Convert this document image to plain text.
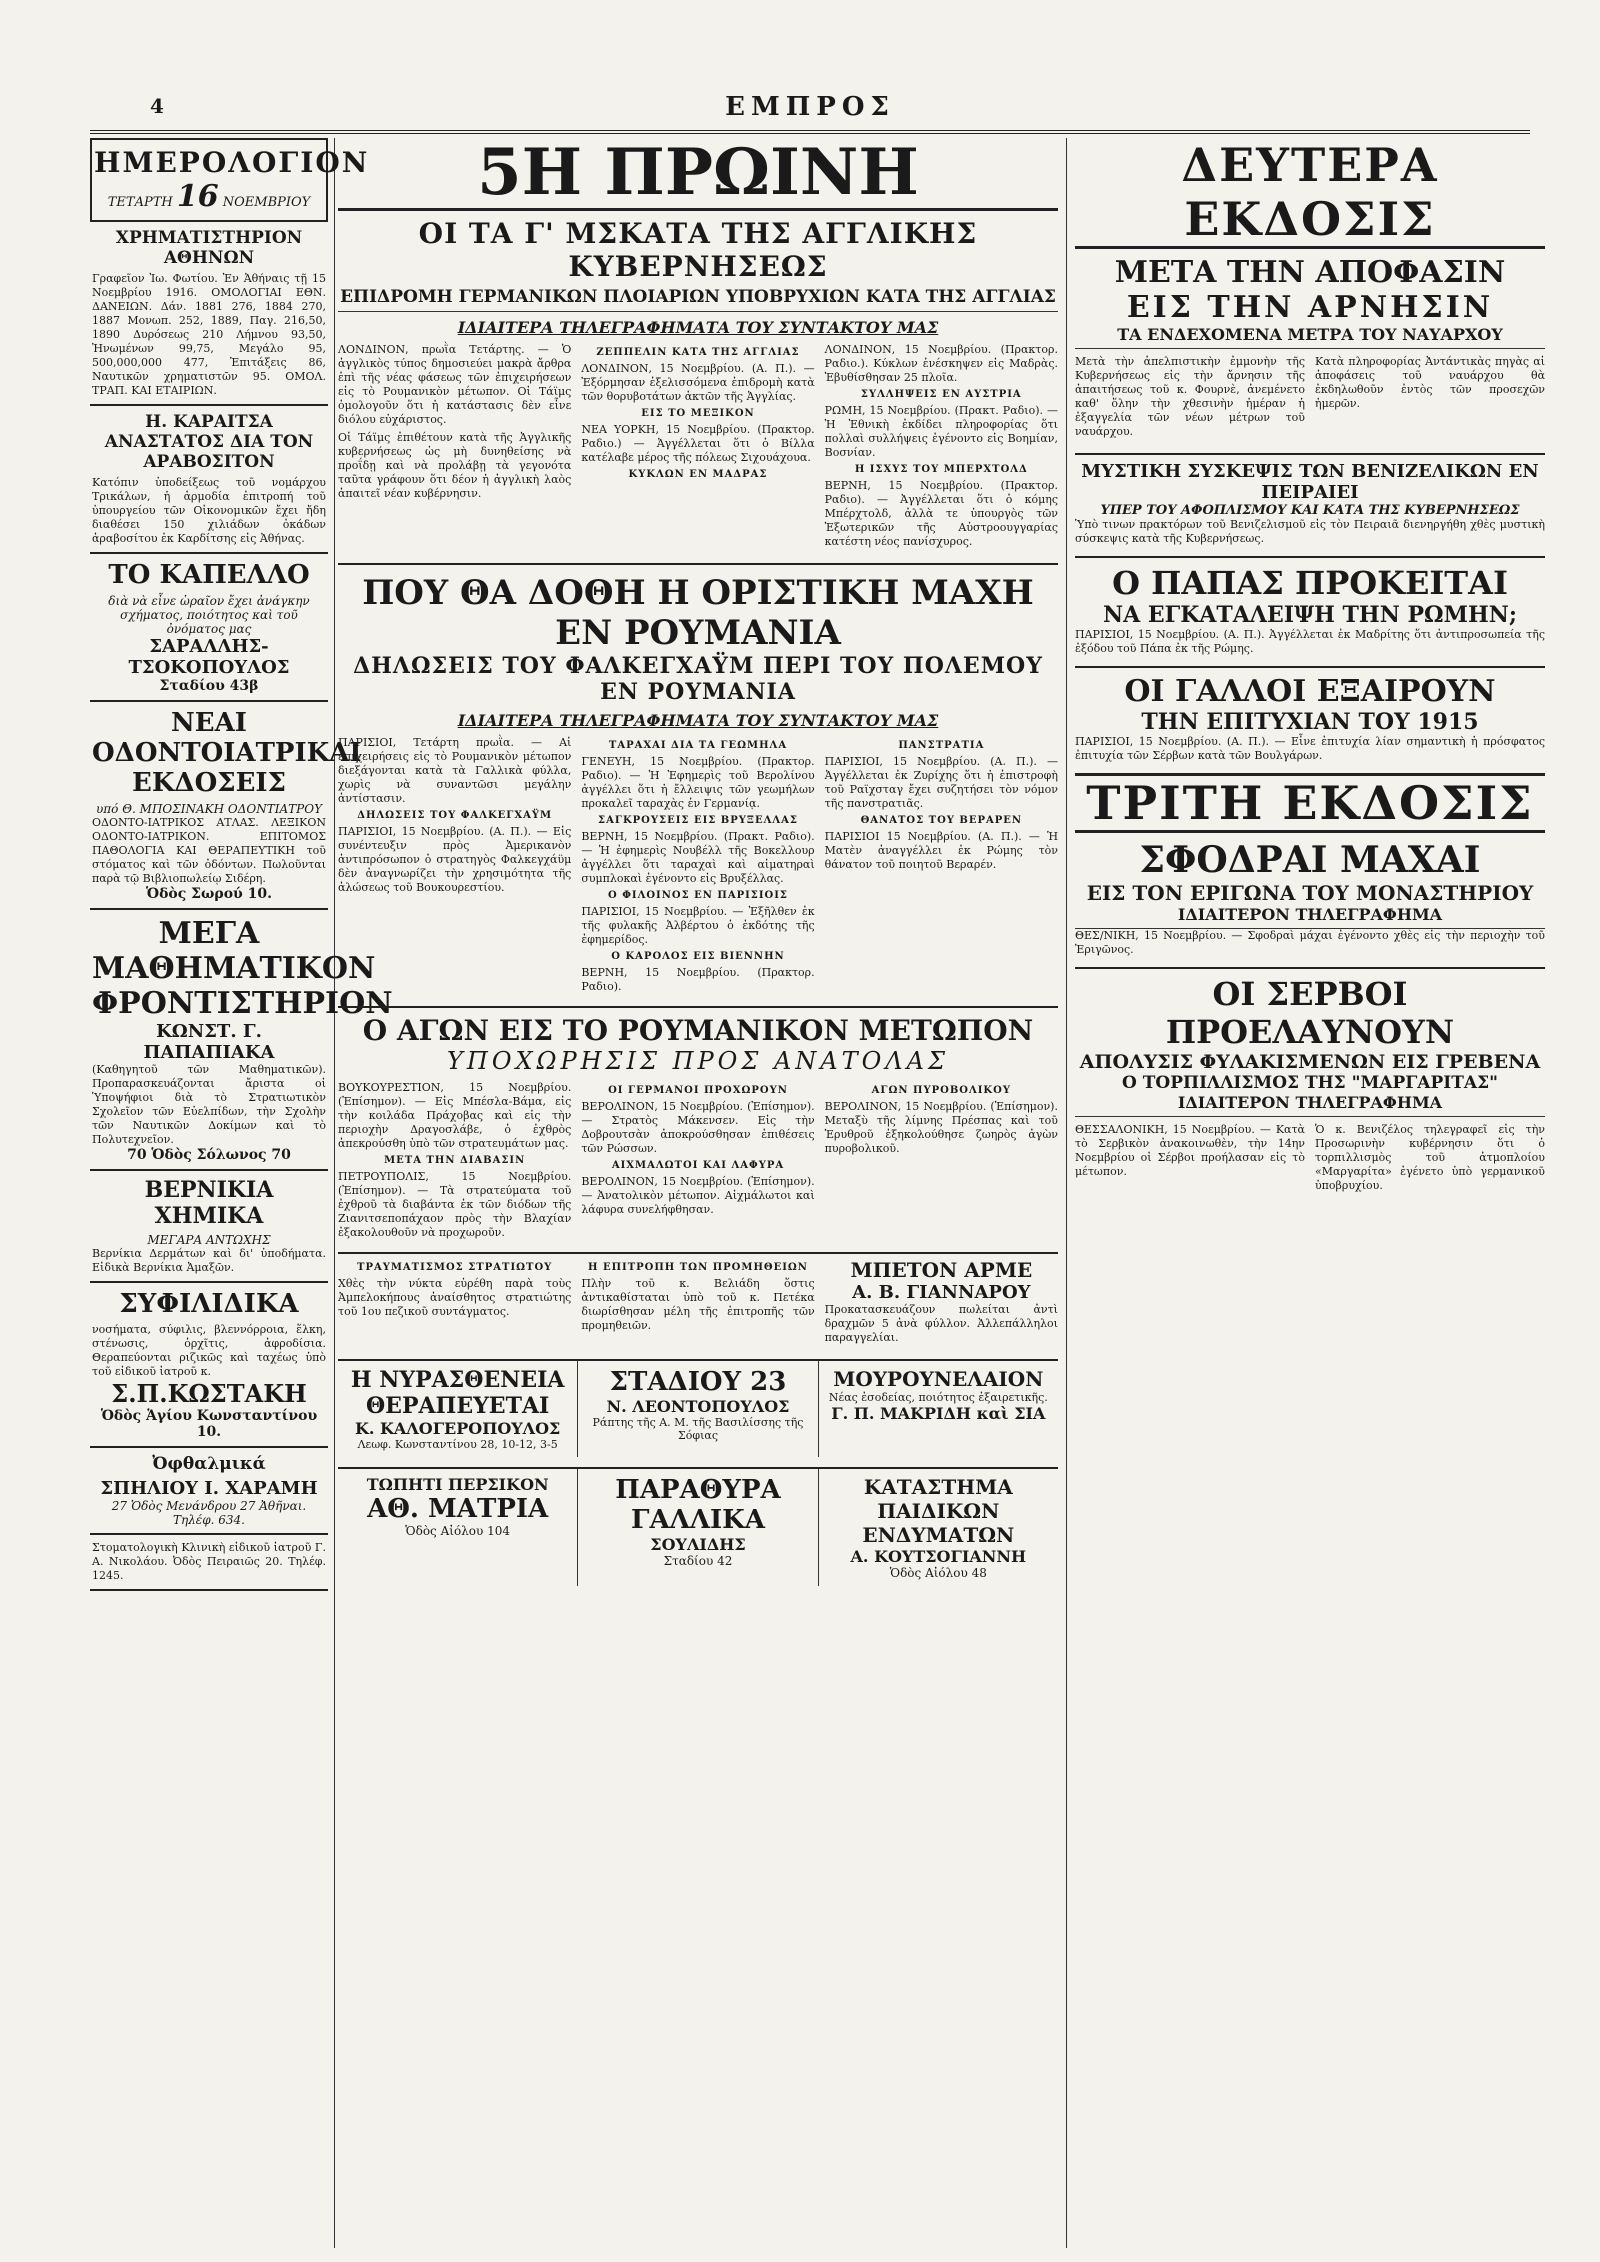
4	ΕΜΠΡΟΣ
ΗΜΕΡΟΛΟΓΙΟΝ
ΤΕΤΑΡΤΗ 16 ΝΟΕΜΒΡΙΟΥ
ΧΡΗΜΑΤΙΣΤΗΡΙΟΝ ΑΘΗΝΩΝ

Γραφεῖον Ἰω. Φωτίου. Ἐν Ἀθήναις τῇ 15 Νοεμβρίου 1916. ΟΜΟΛΟΓΙΑΙ ΕΘΝ. ΔΑΝΕΙΩΝ. Δάν. 1881 276, 1884 270, 1887 Μονωπ. 252, 1889, Παγ. 216,50, 1890 Δυρόσεως 210 Λήμνου 93,50, Ἠνωμένων 99,75, Μεγάλο 95, 500,000,000 477, Ἐπιτάξεις 86, Ναυτικῶν χρηματιστῶν 95. ΟΜΟΛ. ΤΡΑΠ. ΚΑΙ ΕΤΑΙΡΙΩΝ.

Η. ΚΑΡΑΙΤΣΑ ΑΝΑΣΤΑΤΟΣ ΔΙΑ ΤΟΝ ΑΡΑΒΟΣΙΤΟΝ

Κατόπιν ὑποδείξεως τοῦ νομάρχου Τρικάλων, ἡ ἁρμοδία ἐπιτροπή τοῦ ὑπουργείου τῶν Οἰκονομικῶν ἔχει ἤδη διαθέσει 150 χιλιάδων ὀκάδων ἀραβοσίτου ἐκ Καρδίτσης εἰς Ἀθήνας.

ΤΟ ΚΑΠΕΛΛΟ
διὰ νὰ εἶνε ὡραῖον ἔχει ἀνάγκην σχήματος, ποιότητος καὶ τοῦ ὀνόματος μας
ΣΑΡΑΛΛΗΣ-ΤΣΟΚΟΠΟΥΛΟΣ
Σταδίου 43β
ΝΕΑΙ ΟΔΟΝΤΟΙΑΤΡΙΚΑΙ ΕΚΔΟΣΕΙΣ
υπό Θ. ΜΠΟΣΙΝΑΚΗ ΟΔΟΝΤΙΑΤΡΟΥ

ΟΔΟΝΤΟ-ΙΑΤΡΙΚΟΣ ΑΤΛΑΣ. ΛΕΞΙΚΟΝ ΟΔΟΝΤΟ-ΙΑΤΡΙΚΟΝ. ΕΠΙΤΟΜΟΣ ΠΑΘΟΛΟΓΙΑ ΚΑΙ ΘΕΡΑΠΕΥΤΙΚΗ τοῦ στόματος καὶ τῶν ὀδόντων. Πωλοῦνται παρὰ τῷ Βιβλιοπωλείῳ Σιδέρη.

Ὁδὸς Σωρού 10.
ΜΕΓΑ ΜΑΘΗΜΑΤΙΚΟΝ ΦΡΟΝΤΙΣΤΗΡΙΟΝ
ΚΩΝΣΤ. Γ. ΠΑΠΑΠΙΑΚΑ

(Καθηγητοῦ τῶν Μαθηματικῶν). Προπαρασκευάζονται ἄριστα οἱ Ὑποψήφιοι διὰ τὸ Στρατιωτικὸν Σχολεῖον τῶν Εὐελπίδων, τὴν Σχολὴν τῶν Ναυτικῶν Δοκίμων καὶ τὸ Πολυτεχνεῖον.

70 Ὁδὸς Σόλωνος 70
ΒΕΡΝΙΚΙΑ ΧΗΜΙΚΑ
ΜΕΓΑΡΑ ΑΝΤΩΧΗΣ

Βερνίκια Δερμάτων καὶ δι' ὑποδήματα. Εἰδικὰ Βερνίκια Ἀμαξῶν.

ΣΥΦΙΛΙΔΙΚΑ

νοσήματα, σύφιλις, βλεννόρροια, ἕλκη, στένωσις, ὀρχῖτις, ἀφροδίσια. Θεραπεύονται ριζικῶς καὶ ταχέως ὑπὸ τοῦ εἰδικοῦ ἰατροῦ κ.

Σ.Π.ΚΩΣΤΑΚΗ
Ὁδὸς Ἁγίου Κωνσταντίνου 10.
Ὀφθαλμικά
ΣΠΗΛΙΟΥ Ι. ΧΑΡΑΜΗ
27 Ὁδὸς Μενάνδρου 27 Ἀθῆναι. Τηλέφ. 634.

Στοματολογικὴ Κλινικὴ εἰδικοῦ ἰατροῦ Γ. Α. Νικολάου. Ὀδὸς Πειραιῶς 20. Τηλέφ. 1245.

5Η ΠΡΩΙΝΗ
ΟΙ ΤΑ Γ' ΜΣΚΑΤΑ ΤΗΣ ΑΓΓΛΙΚΗΣ ΚΥΒΕΡΝΗΣΕΩΣ
ΕΠΙΔΡΟΜΗ ΓΕΡΜΑΝΙΚΩΝ ΠΛΟΙΑΡΙΩΝ ΥΠΟΒΡΥΧΙΩΝ ΚΑΤΑ ΤΗΣ ΑΓΓΛΙΑΣ
ΙΔΙΑΙΤΕΡΑ ΤΗΛΕΓΡΑΦΗΜΑΤΑ ΤΟΥ ΣΥΝΤΑΚΤΟΥ ΜΑΣ

ΛΟΝΔΙΝΟΝ, πρωῒα Τετάρτης. — Ὁ ἀγγλικὸς τύπος δημοσιεύει μακρὰ ἄρθρα ἐπὶ τῆς νέας φάσεως τῶν ἐπιχειρήσεων εἰς τὸ Ρουμανικὸν μέτωπον. Οἱ Τάϊμς ὁμολογοῦν ὅτι ἡ κατάστασις δὲν εἶνε διόλου εὐχάριστος.

Οἱ Τάϊμς ἐπιθέτουν κατὰ τῆς Ἀγγλικῆς κυβερνήσεως ὡς μὴ δυνηθείσης νὰ προΐδῃ καὶ νὰ προλάβῃ τὰ γεγονότα ταῦτα γράφουν ὅτι δέον ἡ ἀγγλικὴ λαὸς ἀπαιτεῖ νέαν κυβέρνησιν.

ΖΕΠΠΕΛΙΝ ΚΑΤΑ ΤΗΣ ΑΓΓΛΙΑΣ

ΛΟΝΔΙΝΟΝ, 15 Νοεμβρίου. (Α. Π.). — Ἐξόρμησαν ἐξελισσόμενα ἐπιδρομὴ κατὰ τῶν θορυβοτάτων ἀκτῶν τῆς Ἀγγλίας.

ΕΙΣ ΤΟ ΜΕΞΙΚΟΝ

ΝΕΑ ΥΟΡΚΗ, 15 Νοεμβρίου. (Πρακτορ. Ραδιο.) — Ἀγγέλλεται ὅτι ὁ Βίλλα κατέλαβε μέρος τῆς πόλεως Σιχουάχουα.

ΚΥΚΛΩΝ ΕΝ ΜΑΔΡΑΣ

ΛΟΝΔΙΝΟΝ, 15 Νοεμβρίου. (Πρακτορ. Ραδιο.). Κύκλων ἐνέσκηψεν εἰς Μαδρὰς. Ἐβυθίσθησαν 25 πλοῖα.

ΣΥΛΛΗΨΕΙΣ ΕΝ ΑΥΣΤΡΙΑ

ΡΩΜΗ, 15 Νοεμβρίου. (Πρακτ. Ραδιο). — Ἡ Ἐθνικὴ ἐκδίδει πληροφορίας ὅτι πολλαὶ συλλήψεις ἐγένοντο εἰς Βοημίαν, Βοσνίαν.

Η ΙΣΧΥΣ ΤΟΥ ΜΠΕΡΧΤΟΛΔ

ΒΕΡΝΗ, 15 Νοεμβρίου. (Πρακτορ. Ραδιο). — Ἀγγέλλεται ὅτι ὁ κόμης Μπέρχτολδ, ἀλλὰ τε ὑπουργὸς τῶν Ἐξωτερικῶν τῆς Αὐστροουγγαρίας κατέστη νέος πανίσχυρος.

ΠΟΥ ΘΑ ΔΟΘΗ Η ΟΡΙΣΤΙΚΗ ΜΑΧΗ ΕΝ ΡΟΥΜΑΝΙΑ
ΔΗΛΩΣΕΙΣ ΤΟΥ ΦΑΛΚΕΓΧΑΫΜ ΠΕΡΙ ΤΟΥ ΠΟΛΕΜΟΥ ΕΝ ΡΟΥΜΑΝΙΑ
ΙΔΙΑΙΤΕΡΑ ΤΗΛΕΓΡΑΦΗΜΑΤΑ ΤΟΥ ΣΥΝΤΑΚΤΟΥ ΜΑΣ

ΠΑΡΙΣΙΟΙ, Τετάρτη πρωῒα. — Αἱ ἐπιχειρήσεις εἰς τὸ Ρουμανικὸν μέτωπον διεξάγονται κατὰ τὰ Γαλλικὰ φύλλα, χωρὶς νὰ συναντῶσι μεγάλην ἀντίστασιν.

ΔΗΛΩΣΕΙΣ ΤΟΥ ΦΑΛΚΕΓΧΑΫΜ

ΠΑΡΙΣΙΟΙ, 15 Νοεμβρίου. (Α. Π.). — Εἰς συνέντευξιν πρὸς Ἀμερικανὸν ἀντιπρόσωπον ὁ στρατηγὸς Φαλκεγχάϋμ δὲν ἀναγνωρίζει τὴν χρησιμότητα τῆς ἀλώσεως τοῦ Βουκουρεστίου.

ΤΑΡΑΧΑΙ ΔΙΑ ΤΑ ΓΕΩΜΗΛΑ

ΓΕΝΕΥΗ, 15 Νοεμβρίου. (Πρακτορ. Ραδιο). — Ἡ Ἐφημερὶς τοῦ Βερολίνου ἀγγέλλει ὅτι ἡ ἔλλειψις τῶν γεωμήλων προκαλεῖ ταραχὰς ἐν Γερμανίᾳ.

ΣΑΓΚΡΟΥΣΕΙΣ ΕΙΣ ΒΡΥΞΕΛΛΑΣ

ΒΕΡΝΗ, 15 Νοεμβρίου. (Πρακτ. Ραδιο). — Ἡ ἐφημερὶς Νουβέλλ τῆς Βοκελλουρ ἀγγέλλει ὅτι ταραχαὶ καὶ αἱματηραὶ συμπλοκαὶ ἐγένοντο εἰς Βρυξέλλας.

Ο ΦΙΛΟΙΝΟΣ ΕΝ ΠΑΡΙΣΙΟΙΣ

ΠΑΡΙΣΙΟΙ, 15 Νοεμβρίου. — Ἐξῆλθεν ἐκ τῆς φυλακῆς Ἀλβέρτου ὁ ἐκδότης τῆς ἐφημερίδος.

Ο ΚΑΡΟΛΟΣ ΕΙΣ ΒΙΕΝΝΗΝ

ΒΕΡΝΗ, 15 Νοεμβρίου. (Πρακτορ. Ραδιο).

ΠΑΝΣΤΡΑΤΙΑ

ΠΑΡΙΣΙΟΙ, 15 Νοεμβρίου. (Α. Π.). — Ἀγγέλλεται ἐκ Ζυρίχης ὅτι ἡ ἐπιστροφὴ τοῦ Ραϊχσταγ ἔχει συζητήσει τὸν νόμον τῆς πανστρατιᾶς.

ΘΑΝΑΤΟΣ ΤΟΥ ΒΕΡΑΡΕΝ

ΠΑΡΙΣΙΟΙ 15 Νοεμβρίου. (Α. Π.). — Ἡ Ματὲν ἀναγγέλλει ἐκ Ρώμης τὸν θάνατον τοῦ ποιητοῦ Βεραρέν.

Ο ΑΓΩΝ ΕΙΣ ΤΟ ΡΟΥΜΑΝΙΚΟΝ ΜΕΤΩΠΟΝ
ΥΠΟΧΩΡΗΣΙΣ ΠΡΟΣ ΑΝΑΤΟΛΑΣ

ΒΟΥΚΟΥΡΕΣΤΙΟΝ, 15 Νοεμβρίου. (Ἐπίσημον). — Εἰς Μπέσλα-Βάμα, εἰς τὴν κοιλάδα Πράχοβας καὶ εἰς τὴν περιοχὴν Δραγοσλάβε, ὁ ἐχθρὸς ἀπεκρούσθη ὑπὸ τῶν στρατευμάτων μας.

ΜΕΤΑ ΤΗΝ ΔΙΑΒΑΣΙΝ

ΠΕΤΡΟΥΠΟΛΙΣ, 15 Νοεμβρίου. (Ἐπίσημον). — Τὰ στρατεύματα τοῦ ἐχθροῦ τὰ διαβάντα ἐκ τῶν διόδων τῆς Ζιανιτσεποπάχαον πρὸς τὴν Βλαχίαν ἐξακολουθοῦν νὰ προχωροῦν.

ΟΙ ΓΕΡΜΑΝΟΙ ΠΡΟΧΩΡΟΥΝ

ΒΕΡΟΛΙΝΟΝ, 15 Νοεμβρίου. (Ἐπίσημον). — Στρατὸς Μάκενσεν. Εἰς τὴν Δοβρουτσὰν ἀποκρούσθησαν ἐπιθέσεις τῶν Ρώσσων.

ΑΙΧΜΑΛΩΤΟΙ ΚΑΙ ΛΑΦΥΡΑ

ΒΕΡΟΛΙΝΟΝ, 15 Νοεμβρίου. (Ἐπίσημον). — Ἀνατολικὸν μέτωπον. Αἰχμάλωτοι καὶ λάφυρα συνελήφθησαν.

ΑΓΩΝ ΠΥΡΟΒΟΛΙΚΟΥ

ΒΕΡΟΛΙΝΟΝ, 15 Νοεμβρίου. (Ἐπίσημον). Μεταξὺ τῆς λίμνης Πρέσπας καὶ τοῦ Ἐρυθροῦ ἐξηκολούθησε ζωηρὸς ἀγὼν πυροβολικοῦ.

ΤΡΑΥΜΑΤΙΣΜΟΣ ΣΤΡΑΤΙΩΤΟΥ

Χθὲς τὴν νύκτα εὑρέθη παρὰ τοὺς Ἀμπελοκήπους ἀναίσθητος στρατιώτης τοῦ 1ου πεζικοῦ συντάγματος.

Η ΕΠΙΤΡΟΠΗ ΤΩΝ ΠΡΟΜΗΘΕΙΩΝ

Πλὴν τοῦ κ. Βελιάδη ὅστις ἀντικαθίσταται ὑπὸ τοῦ κ. Πετέκα διωρίσθησαν μέλη τῆς ἐπιτροπῆς τῶν προμηθειῶν.

ΜΠΕΤΟΝ ΑΡΜΕ
Α. Β. ΓΙΑΝΝΑΡΟΥ

Προκατασκευάζουν πωλείται ἀντὶ δραχμῶν 5 ἀνὰ φύλλον. Ἀλλεπάλληλοι παραγγελίαι.

Η ΝΥΡΑΣΘΕΝΕΙΑ ΘΕΡΑΠΕΥΕΤΑΙ
Κ. ΚΑΛΟΓΕΡΟΠΟΥΛΟΣ
Λεωφ. Κωνσταντίνου 28, 10-12, 3-5
ΣΤΑΔΙΟΥ 23
Ν. ΛΕΟΝΤΟΠΟΥΛΟΣ
Ράπτης τῆς Α. Μ. τῆς Βασιλίσσης τῆς Σόφιας
ΜΟΥΡΟΥΝΕΛΑΙΟΝ
Νέας ἐσοδείας, ποιότητος ἐξαιρετικῆς.
Γ. Π. ΜΑΚΡΙΔΗ καὶ ΣΙΑ
ΤΩΠΗΤΙ ΠΕΡΣΙΚΟΝ
ΑΘ. ΜΑΤΡΙΑ
Ὁδὸς Αἰόλου 104
ΠΑΡΑΘΥΡΑ ΓΑΛΛΙΚΑ
ΣΟΥΛΙΔΗΣ
Σταδίου 42
ΚΑΤΑΣΤΗΜΑ ΠΑΙΔΙΚΩΝ ΕΝΔΥΜΑΤΩΝ
Α. ΚΟΥΤΣΟΓΙΑΝΝΗ
Ὁδὸς Αἰόλου 48
ΔΕΥΤΕΡΑ ΕΚΔΟΣΙΣ
ΜΕΤΑ ΤΗΝ ΑΠΟΦΑΣΙΝ
ΕΙΣ ΤΗΝ ΑΡΝΗΣΙΝ
ΤΑ ΕΝΔΕΧΟΜΕΝΑ ΜΕΤΡΑ ΤΟΥ ΝΑΥΑΡΧΟΥ

Μετὰ τὴν ἀπελπιστικὴν ἐμμονὴν τῆς Κυβερνήσεως εἰς τὴν ἄρνησιν τῆς ἀπαιτήσεως τοῦ κ. Φουρνὲ, ἀνεμένετο καθ' ὅλην τὴν χθεσινὴν ἡμέραν ἡ ἐξαγγελία τῶν νέων μέτρων τοῦ ναυάρχου.

Κατὰ πληροφορίας Ἀντάντικὰς πηγὰς αἱ ἀποφάσεις τοῦ ναυάρχου θὰ ἐκδηλωθοῦν ἐντὸς τῶν προσεχῶν ἡμερῶν.

ΜΥΣΤΙΚΗ ΣΥΣΚΕΨΙΣ ΤΩΝ ΒΕΝΙΖΕΛΙΚΩΝ ΕΝ ΠΕΙΡΑΙΕΙ
ΥΠΕΡ ΤΟΥ ΑΦΟΠΛΙΣΜΟΥ ΚΑΙ ΚΑΤΑ ΤΗΣ ΚΥΒΕΡΝΗΣΕΩΣ

Ὑπὸ τινων πρακτόρων τοῦ Βενιζελισμοῦ εἰς τὸν Πειραιᾶ διενηργήθη χθὲς μυστικὴ σύσκεψις κατὰ τῆς Κυβερνήσεως.

Ο ΠΑΠΑΣ ΠΡΟΚΕΙΤΑΙ
ΝΑ ΕΓΚΑΤΑΛΕΙΨΗ ΤΗΝ ΡΩΜΗΝ;

ΠΑΡΙΣΙΟΙ, 15 Νοεμβρίου. (Α. Π.). Ἀγγέλλεται ἐκ Μαδρίτης ὅτι ἀντιπροσωπεία τῆς ἐξόδου τοῦ Πάπα ἐκ τῆς Ρώμης.

ΟΙ ΓΑΛΛΟΙ ΕΞΑΙΡΟΥΝ
ΤΗΝ ΕΠΙΤΥΧΙΑΝ ΤΟΥ 1915

ΠΑΡΙΣΙΟΙ, 15 Νοεμβρίου. (Α. Π.). — Εἶνε ἐπιτυχία λίαν σημαντικὴ ἡ πρόσφατος ἐπιτυχία τῶν Σέρβων κατὰ τῶν Βουλγάρων.

ΤΡΙΤΗ ΕΚΔΟΣΙΣ
ΣΦΟΔΡΑΙ ΜΑΧΑΙ
ΕΙΣ ΤΟΝ ΕΡΙΓΩΝΑ ΤΟΥ ΜΟΝΑΣΤΗΡΙΟΥ
ΙΔΙΑΙΤΕΡΟΝ ΤΗΛΕΓΡΑΦΗΜΑ

ΘΕΣ/ΝΙΚΗ, 15 Νοεμβρίου. — Σφοδραὶ μάχαι ἐγένοντο χθὲς εἰς τὴν περιοχὴν τοῦ Ἐριγῶνος.

ΟΙ ΣΕΡΒΟΙ ΠΡΟΕΛΑΥΝΟΥΝ
ΑΠΟΛΥΣΙΣ ΦΥΛΑΚΙΣΜΕΝΩΝ ΕΙΣ ΓΡΕΒΕΝΑ
Ο ΤΟΡΠΙΛΛΙΣΜΟΣ ΤΗΣ "ΜΑΡΓΑΡΙΤΑΣ"
ΙΔΙΑΙΤΕΡΟΝ ΤΗΛΕΓΡΑΦΗΜΑ

ΘΕΣΣΑΛΟΝΙΚΗ, 15 Νοεμβρίου. — Κατὰ τὸ Σερβικὸν ἀνακοινωθὲν, τὴν 14ην Νοεμβρίου οἱ Σέρβοι προήλασαν εἰς τὸ μέτωπον.

Ὁ κ. Βενιζέλος τηλεγραφεῖ εἰς τὴν Προσωρινὴν κυβέρνησιν ὅτι ὁ τορπιλλισμὸς τοῦ ἀτμοπλοίου «Μαργαρίτα» ἐγένετο ὑπὸ γερμανικοῦ ὑποβρυχίου.
